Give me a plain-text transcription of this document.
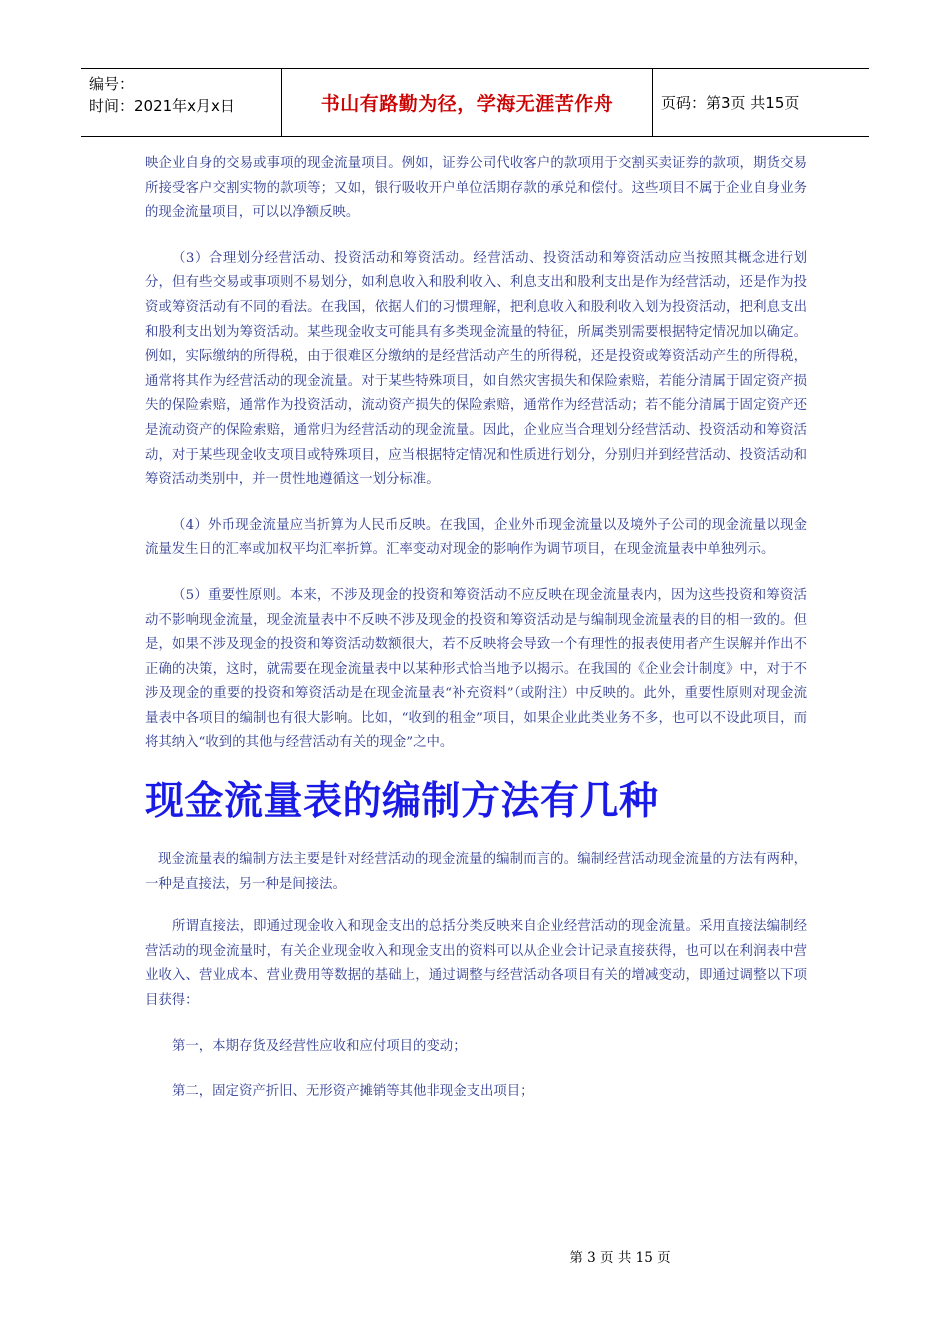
编号：
时间：2021年x月x日	书山有路勤为径，学海无涯苦作舟	页码：第3页 共15页

映企业自身的交易或事项的现金流量项目。例如，证券公司代收客户的款项用于交割买卖证券的款项，期货交易所接受客户交割实物的款项等；又如，银行吸收开户单位活期存款的承兑和偿付。这些项目不属于企业自身业务的现金流量项目，可以以净额反映。

（3）合理划分经营活动、投资活动和筹资活动。经营活动、投资活动和筹资活动应当按照其概念进行划分，但有些交易或事项则不易划分，如利息收入和股利收入、利息支出和股利支出是作为经营活动，还是作为投资或筹资活动有不同的看法。在我国，依据人们的习惯理解，把利息收入和股利收入划为投资活动，把利息支出和股利支出划为筹资活动。某些现金收支可能具有多类现金流量的特征，所属类别需要根据特定情况加以确定。例如，实际缴纳的所得税，由于很难区分缴纳的是经营活动产生的所得税，还是投资或筹资活动产生的所得税，通常将其作为经营活动的现金流量。对于某些特殊项目，如自然灾害损失和保险索赔，若能分清属于固定资产损失的保险索赔，通常作为投资活动，流动资产损失的保险索赔，通常作为经营活动；若不能分清属于固定资产还是流动资产的保险索赔，通常归为经营活动的现金流量。因此，企业应当合理划分经营活动、投资活动和筹资活动，对于某些现金收支项目或特殊项目，应当根据特定情况和性质进行划分，分别归并到经营活动、投资活动和筹资活动类别中，并一贯性地遵循这一划分标准。

（4）外币现金流量应当折算为人民币反映。在我国，企业外币现金流量以及境外子公司的现金流量以现金流量发生日的汇率或加权平均汇率折算。汇率变动对现金的影响作为调节项目，在现金流量表中单独列示。

（5）重要性原则。本来，不涉及现金的投资和筹资活动不应反映在现金流量表内，因为这些投资和筹资活动不影响现金流量，现金流量表中不反映不涉及现金的投资和筹资活动是与编制现金流量表的目的相一致的。但是，如果不涉及现金的投资和筹资活动数额很大，若不反映将会导致一个有理性的报表使用者产生误解并作出不正确的决策，这时，就需要在现金流量表中以某种形式恰当地予以揭示。在我国的《企业会计制度》中，对于不涉及现金的重要的投资和筹资活动是在现金流量表“补充资料”（或附注）中反映的。此外，重要性原则对现金流量表中各项目的编制也有很大影响。比如，“收到的租金”项目，如果企业此类业务不多，也可以不设此项目，而将其纳入“收到的其他与经营活动有关的现金”之中。

现金流量表的编制方法有几种

现金流量表的编制方法主要是针对经营活动的现金流量的编制而言的。编制经营活动现金流量的方法有两种，一种是直接法，另一种是间接法。

所谓直接法，即通过现金收入和现金支出的总括分类反映来自企业经营活动的现金流量。采用直接法编制经营活动的现金流量时，有关企业现金收入和现金支出的资料可以从企业会计记录直接获得，也可以在利润表中营业收入、营业成本、营业费用等数据的基础上，通过调整与经营活动各项目有关的增减变动，即通过调整以下项目获得：

第一，本期存货及经营性应收和应付项目的变动；

第二，固定资产折旧、无形资产摊销等其他非现金支出项目；

第 3 页 共 15 页
